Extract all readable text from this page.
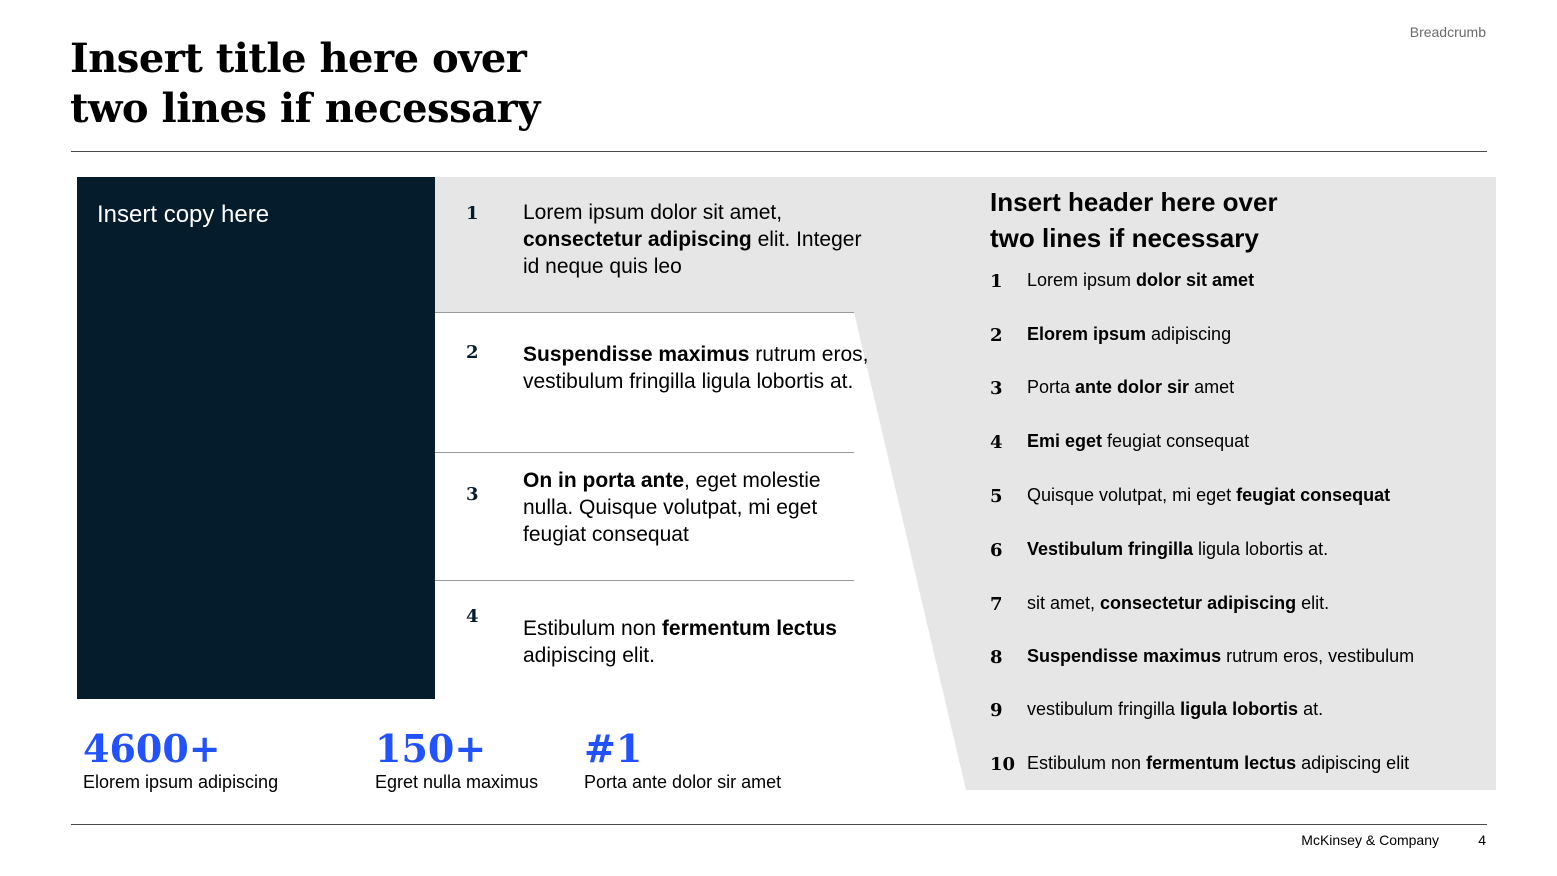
Breadcrumb
Insert title here over
two lines if necessary
Insert copy here	1 Lorem ipsum dolor sit amet, consectetur adipiscing elit. Integer id neque quis leo
2 Suspendisse maximus rutrum eros, vestibulum fringilla ligula lobortis at.
3
On in porta ante, eget molestie nulla. Quisque volutpat, mi eget feugiat consequat
4
Estibulum non fermentum lectus adipiscing elit.
Insert header here over
two lines if necessary
1 Lorem ipsum dolor sit amet
2 Elorem ipsum adipiscing
3 Porta ante dolor sir amet
4 Emi eget feugiat consequat
5 Quisque volutpat, mi eget feugiat consequat
6 Vestibulum fringilla ligula lobortis at.
7 sit amet, consectetur adipiscing elit.
8 Suspendisse maximus rutrum eros, vestibulum
9 vestibulum fringilla ligula lobortis at.
10 Estibulum non fermentum lectus adipiscing elit
4600+
Elorem ipsum adipiscing
150+
Egret nulla maximus
#1
Porta ante dolor sir amet
McKinsey & Company	4
